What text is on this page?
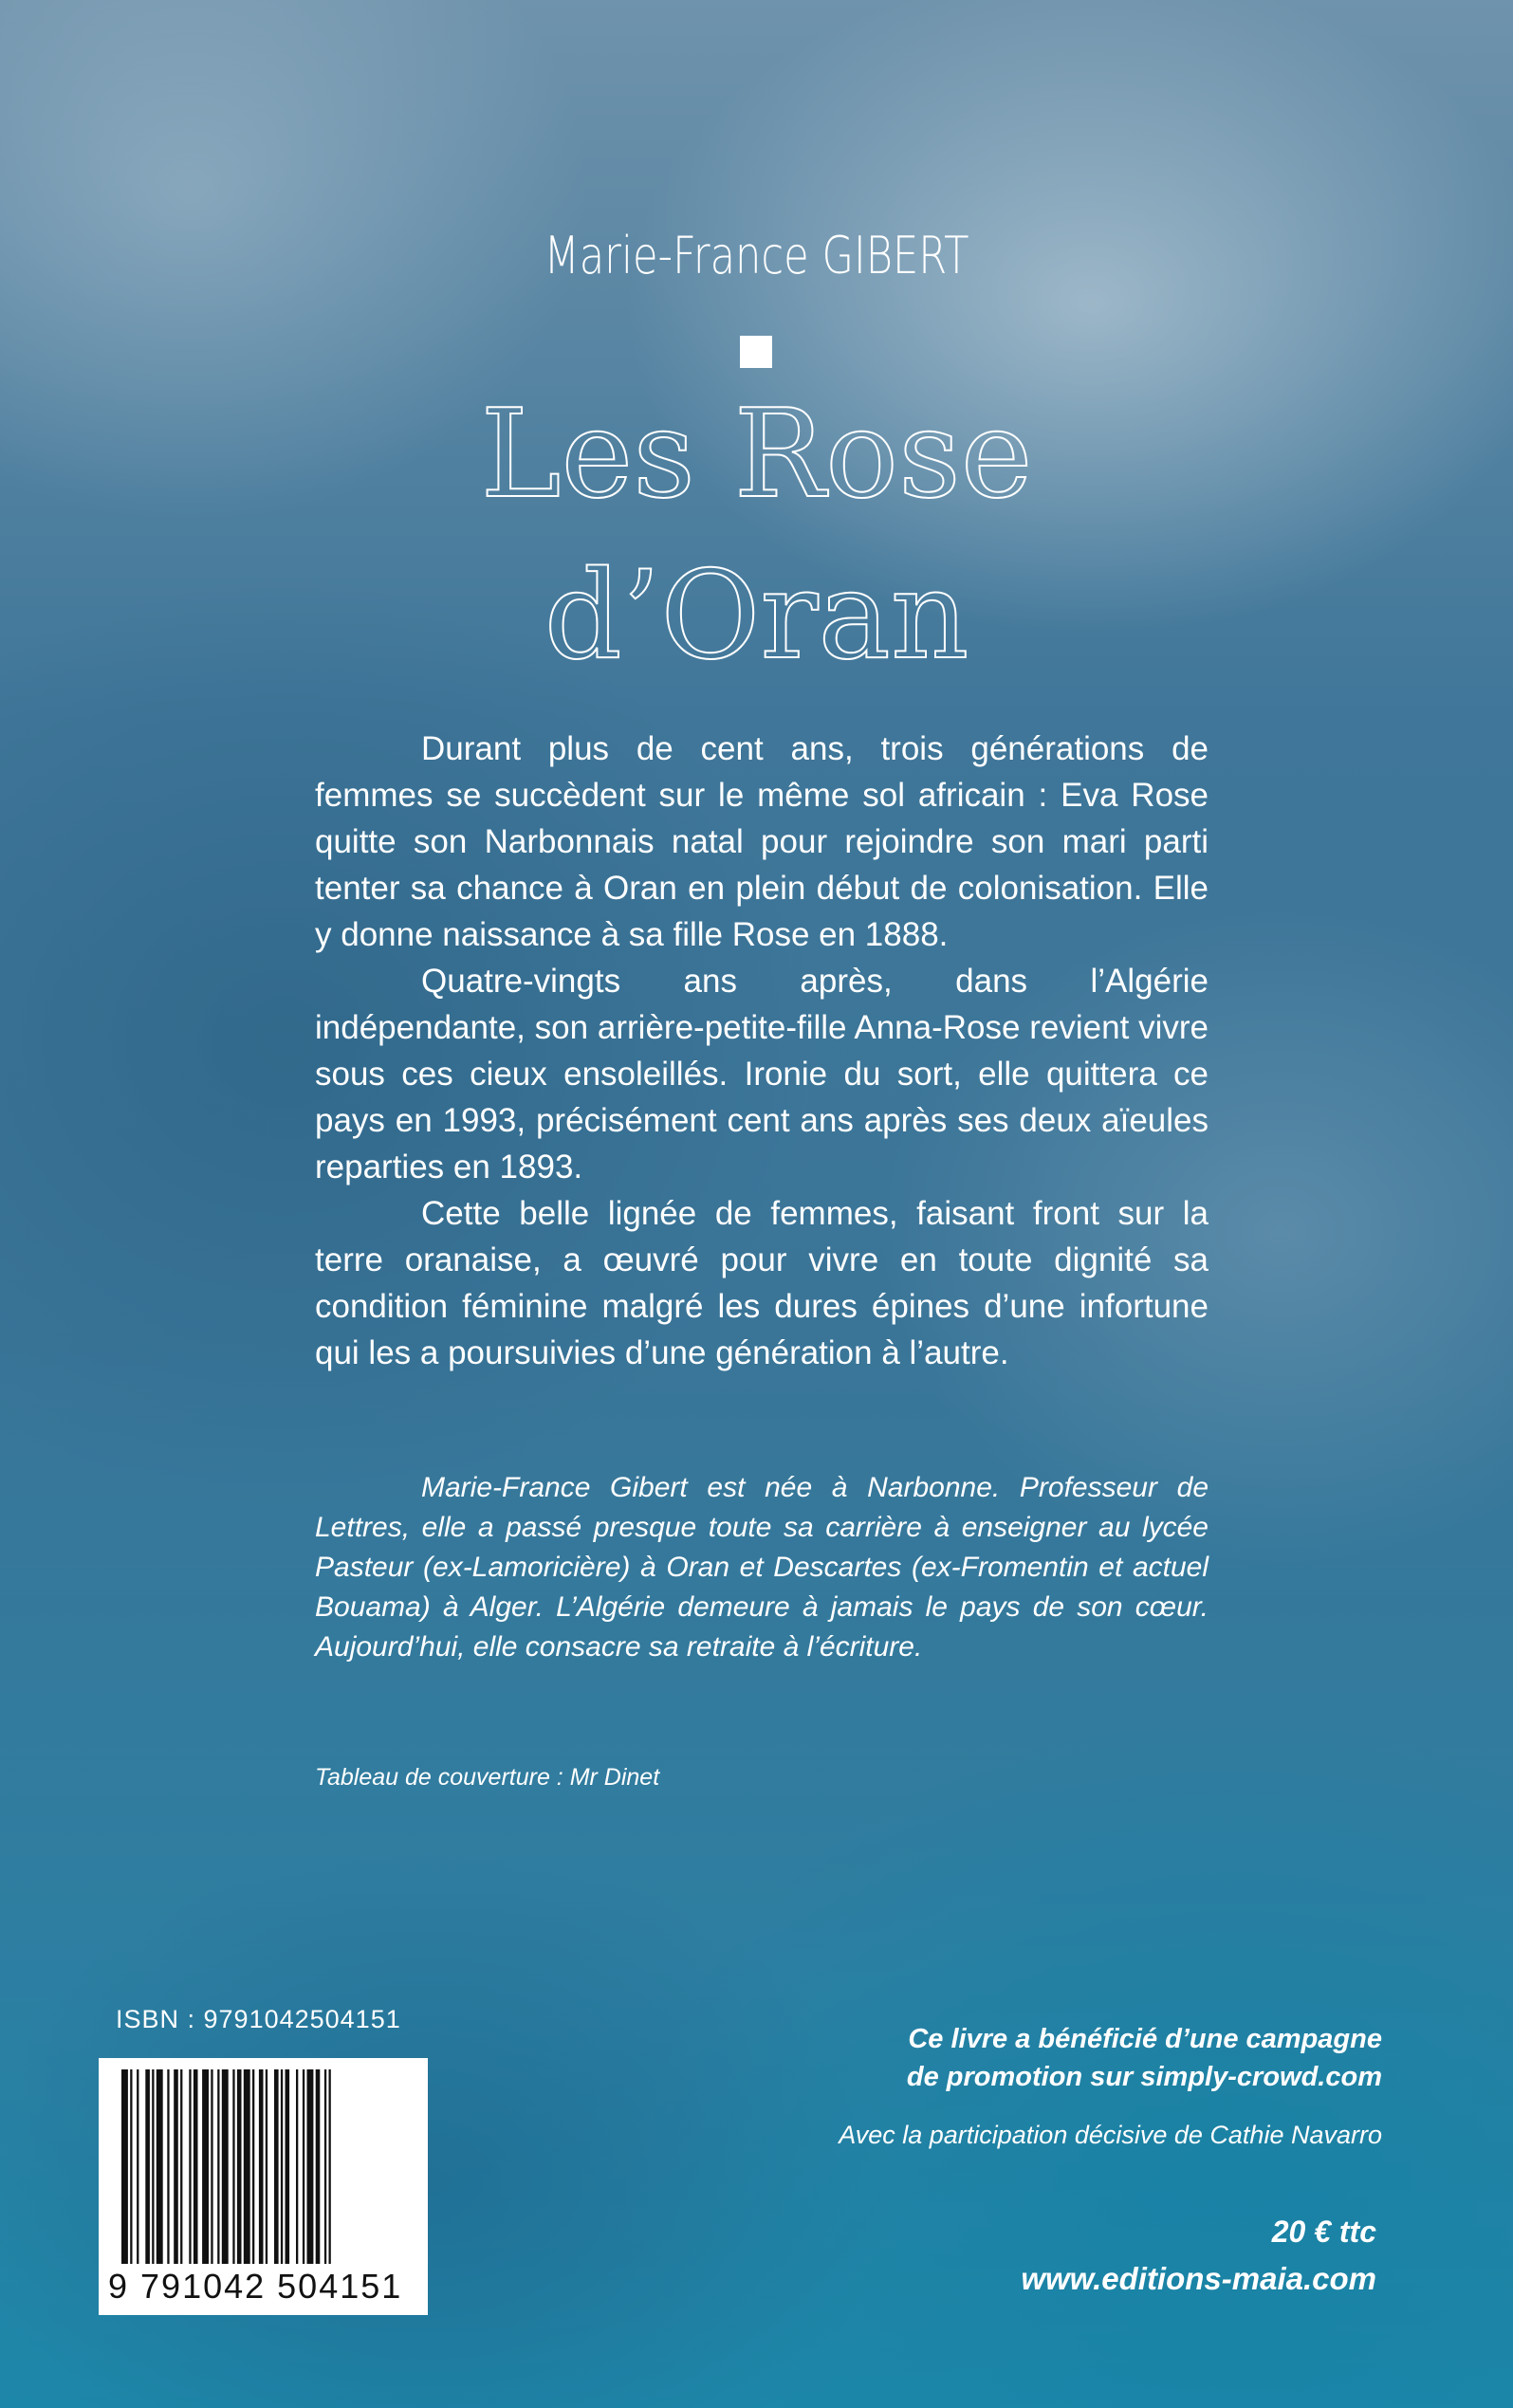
Marie-France GIBERT
Les Rose
d’Oran

Durant plus de cent ans, trois générations de femmes se succèdent sur le même sol africain : Eva Rose quitte son Narbonnais natal pour rejoindre son mari parti tenter sa chance à Oran en plein début de colonisation. Elle y donne naissance à sa fille Rose en 1888.

Quatre-vingts ans après, dans l’Algérie indépendante, son arrière-petite-fille Anna-Rose revient vivre sous ces cieux ensoleillés. Ironie du sort, elle quittera ce pays en 1993, précisément cent ans après ses deux aïeules reparties en 1893.

Cette belle lignée de femmes, faisant front sur la terre oranaise, a œuvré pour vivre en toute dignité sa condition féminine malgré les dures épines d’une infortune qui les a poursuivies d’une génération à l’autre.

Marie-France Gibert est née à Narbonne. Professeur de Lettres, elle a passé presque toute sa carrière à enseigner au lycée Pasteur (ex-Lamoricière) à Oran et Descartes (ex-Fromentin et actuel Bouama) à Alger. L’Algérie demeure à jamais le pays de son cœur. Aujourd’hui, elle consacre sa retraite à l’écriture.

Tableau de couverture : Mr Dinet
ISBN : 9791042504151
9 791042 504151
Ce livre a bénéficié d’une campagne
de promotion sur simply-crowd.com
Avec la participation décisive de Cathie Navarro
20 € ttc
www.editions-maia.com
